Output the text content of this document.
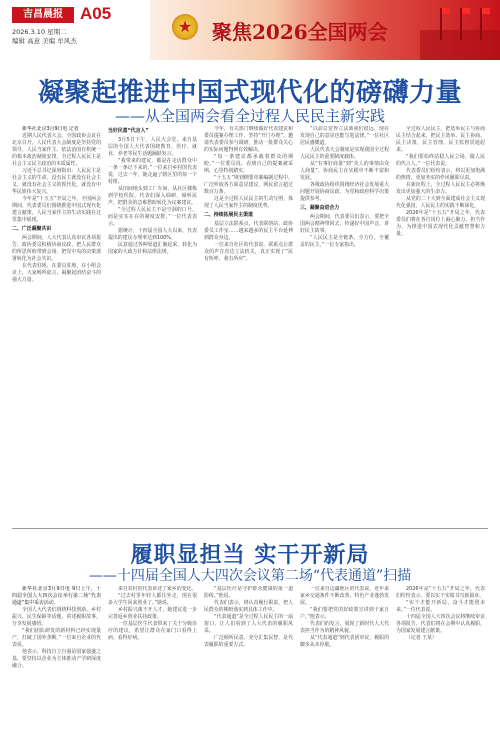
吉昌晨报	A05
2026.3.10 星期二
编辑 高意 美编 牟风杰
★ 聚焦2026全国两会
凝聚起推进中国式现代化的磅礴力量
——从全国两会看全过程人民民主新实践

新华社北京3月9日电 记者

近期人民代表大会、全国政协会议在北京召开。人民代表大会制度是坚持党的领导、人民当家作主、依法治国有机统一的根本政治制度安排，全过程人民民主是社会主义民主政治的本质属性。

习近平总书记深刻指出：人民民主是社会主义的生命，没有民主就没有社会主义，就没有社会主义的现代化，就没有中华民族伟大复兴。

今年是“十五五”开局之年。全国两会期间，代表委员们围绕推进中国式现代化建言献策，人民当家作主的生动实践在这里集中展现。

二、广泛凝聚共识

两会期间，人大代表认真审议各项报告，政协委员积极协商议政，把人民群众的所思所盼带到会场，把党中央的决策部署转化为社会共识。

在代表驻地、在委员驻地，在小组会议上，大家畅所欲言，凝聚起团结奋斗的强大力量。

当好民意“代言人”

3月5日下午，人民大会堂。来自基层的全国人大代表围绕教育、医疗、就业、养老等民生话题踊跃发言。

“我带来的建议，都是在走访群众中一条一条记下来的。”一位来自乡村的代表说，过去一年，她走遍了辖区里的每一个村组。

从田间地头到工厂车间，从社区楼栋到学校医院，代表们深入调研，倾听民声，把群众的急难愁盼转化为议案建议。

“全过程人民民主不是空洞的口号，而是实实在在的制度安排。”一位代表表示。

据统计，十四届全国人大以来，代表提出的建议办理率达到100%。

民意通过各种渠道汇聚起来，转化为国家的大政方针和法律法规。

今年，有关部门继续做好代表建议和委员提案办理工作，坚持“开门办理”，邀请代表委员参与调研，推动一批群众关心的实际问题得到有效解决。

“每一条建议都承载着群众的期盼。”一位委员说，看到自己的提案被采纳，心里特别踏实。

“十五五”规划纲要草案编制过程中，广泛听取各方面意见建议，网民留言超过数百万条。

这是全过程人民民主的生动写照，体现了人民当家作主的制度优势。

二、持续拓展民主渠道

基层立法联系点、代表联络站、政协委员工作室……越来越多的民主平台延伸到群众身边。

一位来自社区的代表说，联系点让群众的声音直达立法机关，真正实现了“民有所呼、我有所应”。

“以前总觉得立法离我们很远，现在发现自己的意见也能写进法律。”一位社区居民感慨道。

人民代表大会制度是实现我国全过程人民民主的重要制度载体。

从“有事好商量”到“众人的事情由众人商量”，协商民主在实践中不断丰富和发展。

各级政协组织围绕经济社会发展重大问题开展协商议政，为党和政府科学决策提供参考。

三、凝聚奋进合力

两会期间，代表委员们表示，要把全国两会精神带回去，传递好中国声音，讲好民主故事。

“人民民主是全链条、全方位、全覆盖的民主。”一位专家指出。

全过程人民民主，把选举民主与协商民主结合起来，把民主选举、民主协商、民主决策、民主管理、民主监督贯通起来。

“我们要始终站稳人民立场，做人民的代言人。”一位代表说。

代表委员们纷纷表示，将以更加饱满的热情、更加务实的作风履职尽责。

在新征程上，全过程人民民主必将焕发出更加强大的生命力。

从党的二十大到全面建成社会主义现代化强国，人民民主的实践不断深化。

2026年是“十五五”开局之年，代表委员们将在各自岗位上凝心聚力、担当作为，为推进中国式现代化贡献智慧和力量。

履职显担当 实干开新局
——十四届全国人大四次会议第二场“代表通道”扫描

新华社北京3月9日电 9日上午，十四届全国人大四次会议举行第二场“代表通道”集中采访活动。

全国人大代表们围绕科技创新、乡村振兴、民生保障等话题，讲述履职故事，分享发展感悟。

“我们团队研发的新材料已经实现量产，打破了国外垄断。”一位来自企业的代表说。

他表示，科技自立自强是国家强盛之基，要坚持以企业为主体推动产学研深度融合。

来自农村的代表讲述了家乡的变化。

“过去村里年轻人都往外走，现在很多大学生回来创业了。”她说。

乡村振兴离不开人才，她建议进一步完善返乡创业扶持政策。

一位基层医生代表带来了关于分级诊疗的建议，希望让群众在家门口看得上病、看得好病。

“基层医疗是守护群众健康的第一道防线。”他说。

代表们表示，将认真履行职责，把人民群众的期盼落实到具体工作中。

“代表通道”是全过程人民民主的一扇窗口，让人们看到了人大代表的履职风采。

广泛倾听民意、充分汇集民智，是代表履职的重要方式。

一位来自边疆地区的代表说，近年来家乡交通条件不断改善，特色产业蓬勃发展。

“我们要把党的好政策宣讲到千家万户。”他表示。

代表们的发言，展现了新时代人大代表担当作为的精神风貌。

从“代表通道”到代表团审议，履职的脚步从未停歇。

2026年是“十五五”开局之年，代表们纷纷表示，要以实干实绩书写新篇章。

“实干才能开新局，奋斗才能创未来。”一位代表说。

十四届全国人大四次会议将继续审议各项报告，代表们将在会期中认真履职，为国家发展建言献策。

（记者 王某）
